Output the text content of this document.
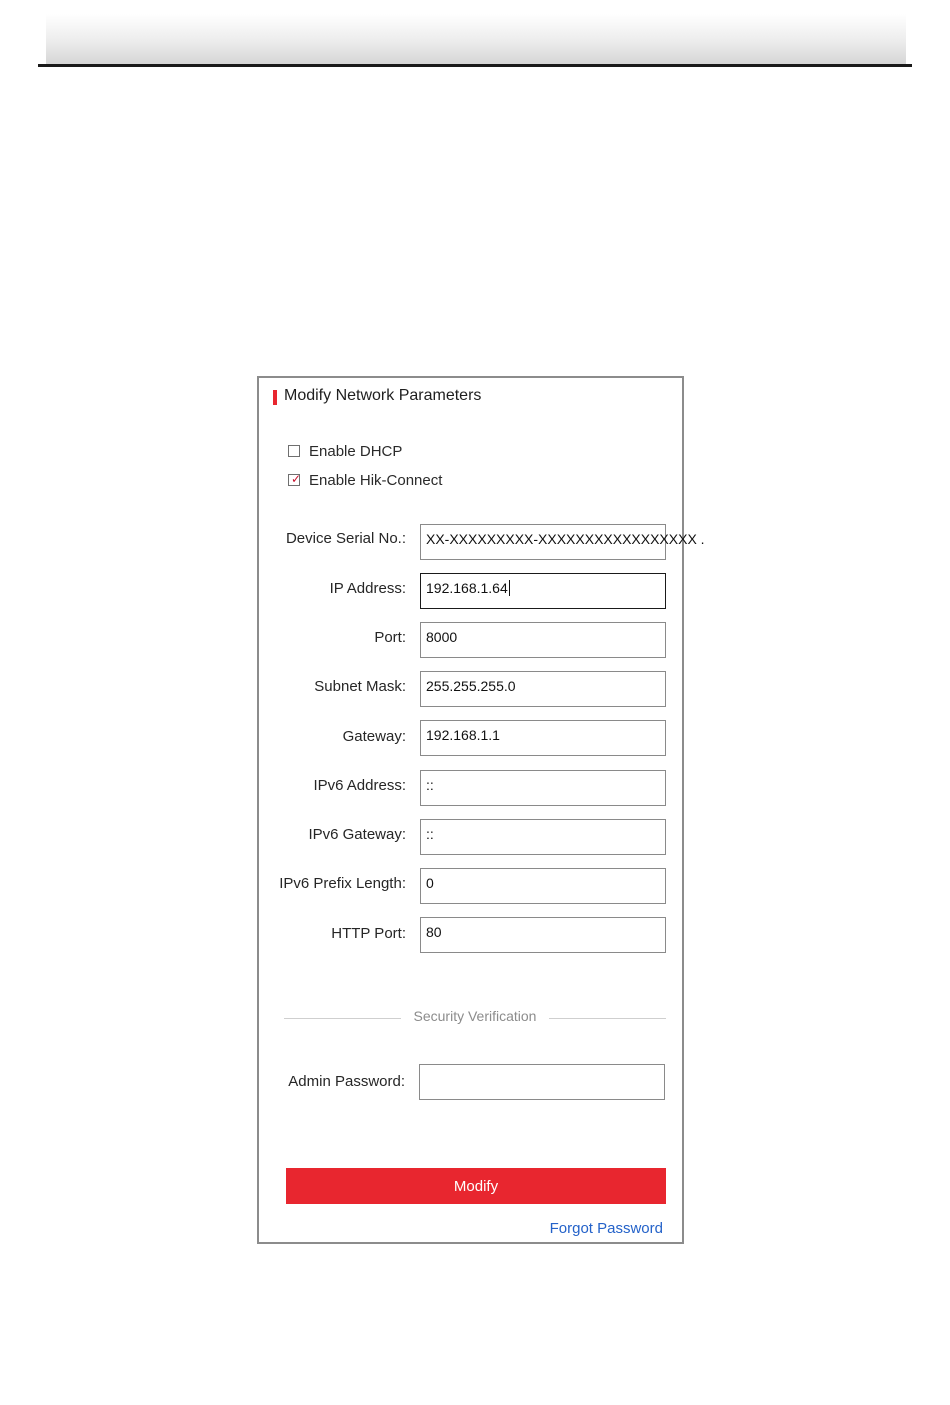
Modify Network Parameters
Enable DHCP
✓ Enable Hik-Connect
Device Serial No.:	XX-XXXXXXXXX-XXXXXXXXXXXXXXXXX .
IP Address:	192.168.1.64
Port:	8000
Subnet Mask:	255.255.255.0
Gateway:	192.168.1.1
IPv6 Address:	::
IPv6 Gateway:	::
IPv6 Prefix Length:	0
HTTP Port:	80
Security Verification
Admin Password:
Modify
Forgot Password
